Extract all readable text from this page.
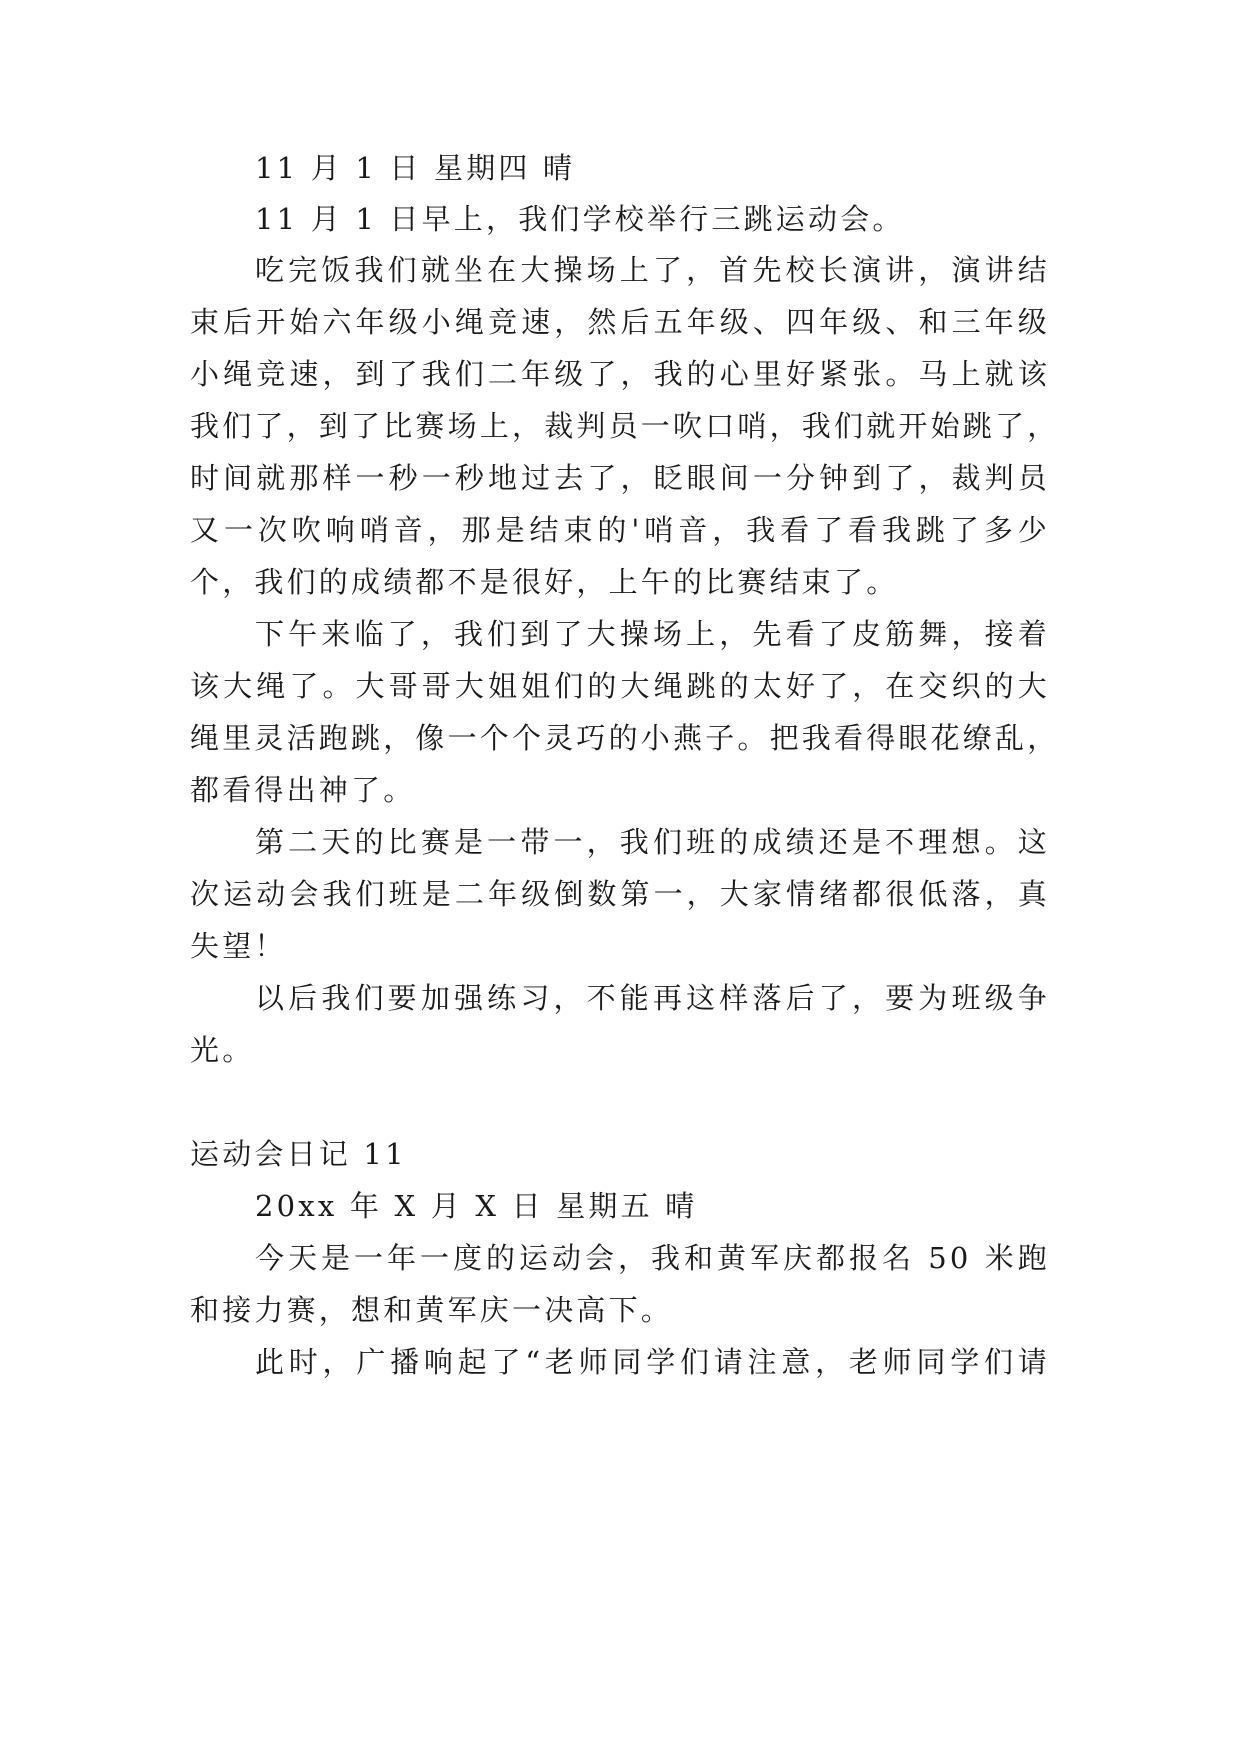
11 月 1 日 星期四 晴
11 月 1 日早上，我们学校举行三跳运动会。
吃完饭我们就坐在大操场上了，首先校长演讲，演讲结
束后开始六年级小绳竞速，然后五年级、四年级、和三年级
小绳竞速，到了我们二年级了，我的心里好紧张。马上就该
我们了，到了比赛场上，裁判员一吹口哨，我们就开始跳了，
时间就那样一秒一秒地过去了，眨眼间一分钟到了，裁判员
又一次吹响哨音，那是结束的'哨音，我看了看我跳了多少
个，我们的成绩都不是很好，上午的比赛结束了。
下午来临了，我们到了大操场上，先看了皮筋舞，接着
该大绳了。大哥哥大姐姐们的大绳跳的太好了，在交织的大
绳里灵活跑跳，像一个个灵巧的小燕子。把我看得眼花缭乱，
都看得出神了。
第二天的比赛是一带一，我们班的成绩还是不理想。这
次运动会我们班是二年级倒数第一，大家情绪都很低落，真
失望！
以后我们要加强练习，不能再这样落后了，要为班级争
光。
运动会日记 11
20xx 年 X 月 X 日 星期五 晴
今天是一年一度的运动会，我和黄军庆都报名 50 米跑
和接力赛，想和黄军庆一决高下。
此时，广播响起了“老师同学们请注意，老师同学们请
